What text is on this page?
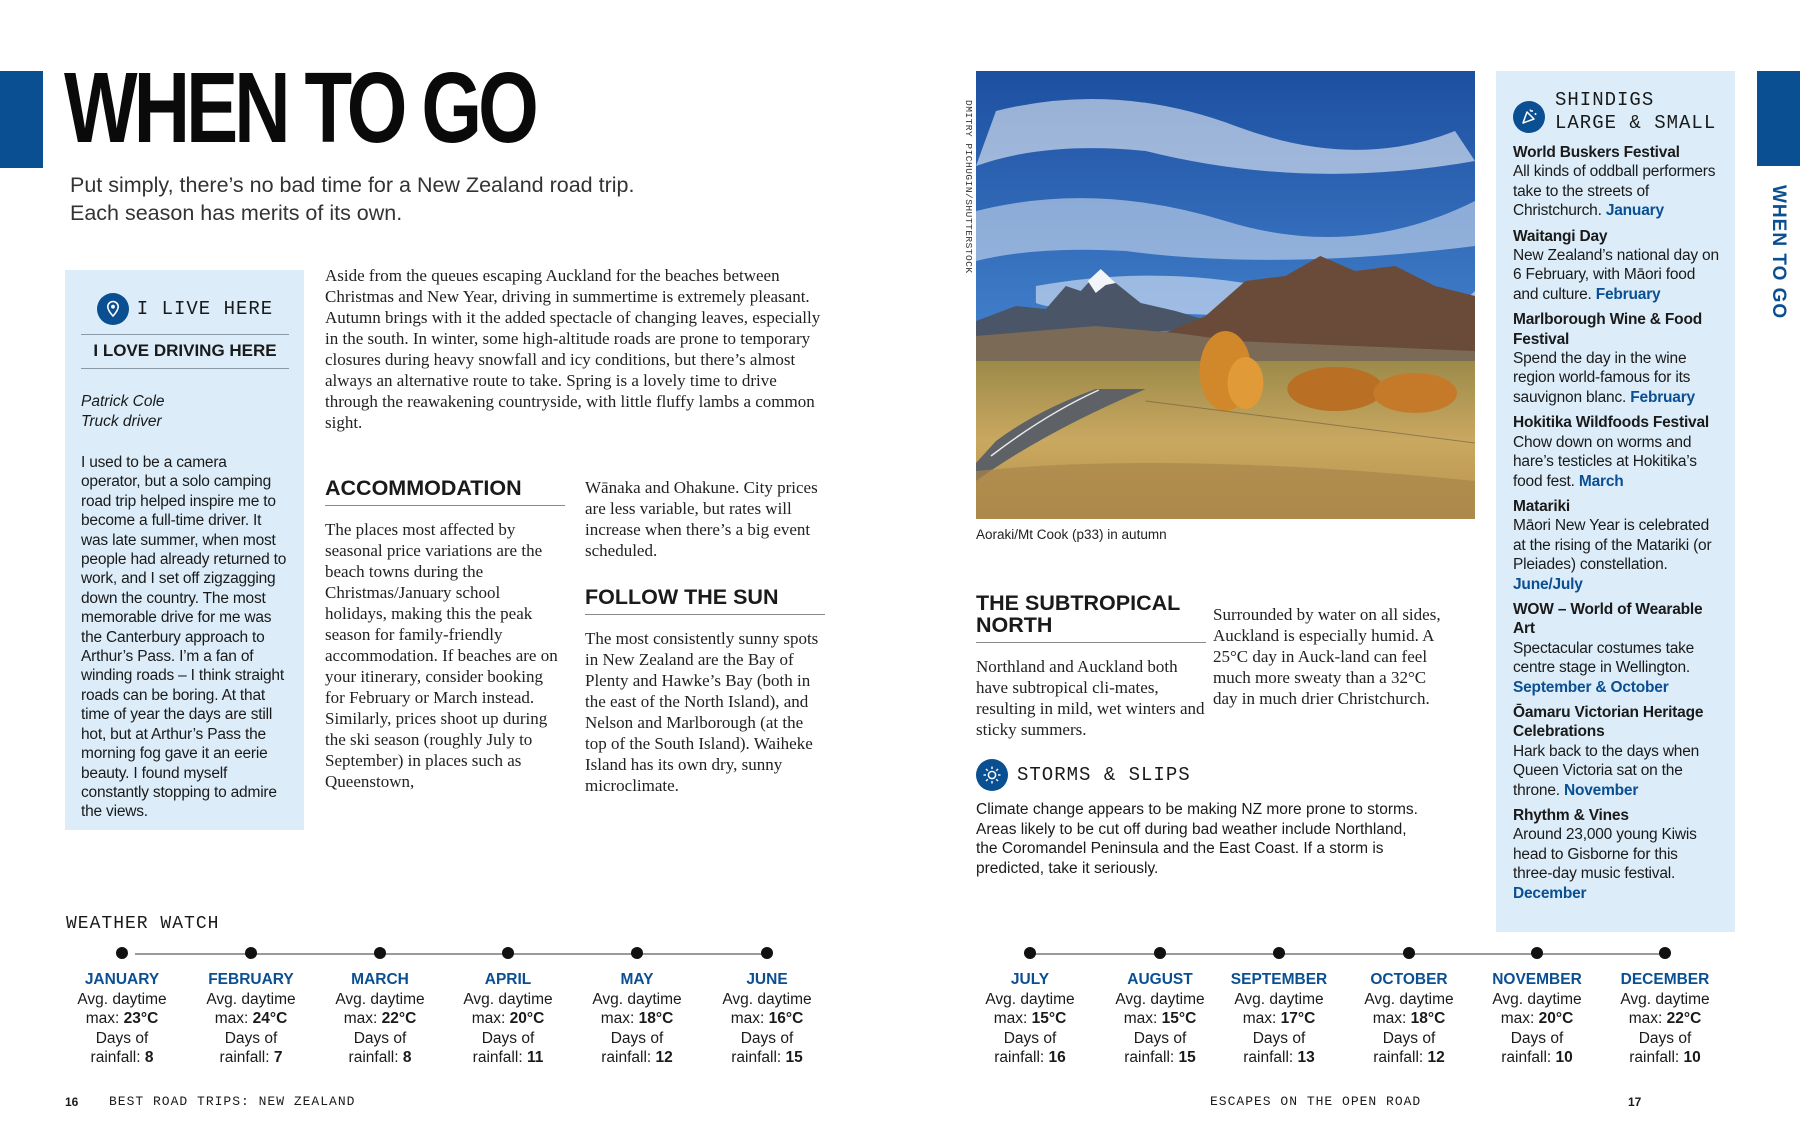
WHEN TO GO
WHEN TO GO
Put simply, there’s no bad time for a New Zealand road trip.
Each season has merits of its own.
I LIVE HERE
I LOVE DRIVING HERE
Patrick Cole
Truck driver

I used to be a camera operator, but a solo camping road trip helped inspire me to become a full-time driver. It was late summer, when most people had already returned to work, and I set off zigzagging down the country. The most memorable drive for me was the Canterbury approach to Arthur’s Pass. I’m a fan of winding roads – I think straight roads can be boring. At that time of year the days are still hot, but at Arthur’s Pass the morning fog gave it an eerie beauty. I found myself constantly stopping to admire the views.

Aside from the queues escaping Auckland for the beaches between Christmas and New Year, driving in summertime is extremely pleasant. Autumn brings with it the added spectacle of changing leaves, especially in the south. In winter, some high-altitude roads are prone to temporary closures during heavy snowfall and icy conditions, but there’s almost always an alternative route to take. Spring is a lovely time to drive through the reawakening countryside, with little fluffy lambs a common sight.

ACCOMMODATION

The places most affected by seasonal price variations are the beach towns during the Christmas/January school holidays, making this the peak season for family-friendly accommodation. If beaches are on your itinerary, consider booking for February or March instead. Similarly, prices shoot up during the ski season (roughly July to September) in places such as Queenstown,

Wānaka and Ohakune. City prices are less variable, but rates will increase when there’s a big event scheduled.

FOLLOW THE SUN

The most consistently sunny spots in New Zealand are the Bay of Plenty and Hawke’s Bay (both in the east of the North Island), and Nelson and Marlborough (at the top of the South Island). Waiheke Island has its own dry, sunny microclimate.

DMITRY PICHUGIN/SHUTTERSTOCK
Aoraki/Mt Cook (p33) in autumn
THE SUBTROPICAL NORTH

Northland and Auckland both have subtropical cli-mates, resulting in mild, wet winters and sticky summers.

Surrounded by water on all sides, Auckland is especially humid. A 25°C day in Auck-land can feel much more sweaty than a 32°C day in much drier Christchurch.

STORMS & SLIPS

Climate change appears to be making NZ more prone to storms. Areas likely to be cut off during bad weather include Northland, the Coromandel Peninsula and the East Coast. If a storm is predicted, take it seriously.

SHINDIGS
LARGE & SMALL
World Buskers Festival
All kinds of oddball performers take to the streets of Christchurch. January
Waitangi Day
New Zealand’s national day on 6 February, with Māori food and culture. February
Marlborough Wine & Food Festival
Spend the day in the wine region world-famous for its sauvignon blanc. February
Hokitika Wildfoods Festival
Chow down on worms and hare’s testicles at Hokitika’s food fest. March
Matariki
Māori New Year is celebrated at the rising of the Matariki (or Pleiades) constellation. June/July
WOW – World of Wearable Art
Spectacular costumes take centre stage in Wellington. September & October
Ōamaru Victorian Heritage Celebrations
Hark back to the days when Queen Victoria sat on the throne. November
Rhythm & Vines
Around 23,000 young Kiwis head to Gisborne for this three-day music festival. December
WEATHER WATCH
JANUARY
Avg. daytime
max: 23°C
Days of
rainfall: 8
FEBRUARY
Avg. daytime
max: 24°C
Days of
rainfall: 7
MARCH
Avg. daytime
max: 22°C
Days of
rainfall: 8
APRIL
Avg. daytime
max: 20°C
Days of
rainfall: 11
MAY
Avg. daytime
max: 18°C
Days of
rainfall: 12
JUNE
Avg. daytime
max: 16°C
Days of
rainfall: 15
JULY
Avg. daytime
max: 15°C
Days of
rainfall: 16
AUGUST
Avg. daytime
max: 15°C
Days of
rainfall: 15
SEPTEMBER
Avg. daytime
max: 17°C
Days of
rainfall: 13
OCTOBER
Avg. daytime
max: 18°C
Days of
rainfall: 12
NOVEMBER
Avg. daytime
max: 20°C
Days of
rainfall: 10
DECEMBER
Avg. daytime
max: 22°C
Days of
rainfall: 10
16 BEST ROAD TRIPS: NEW ZEALAND	ESCAPES ON THE OPEN ROAD	17
